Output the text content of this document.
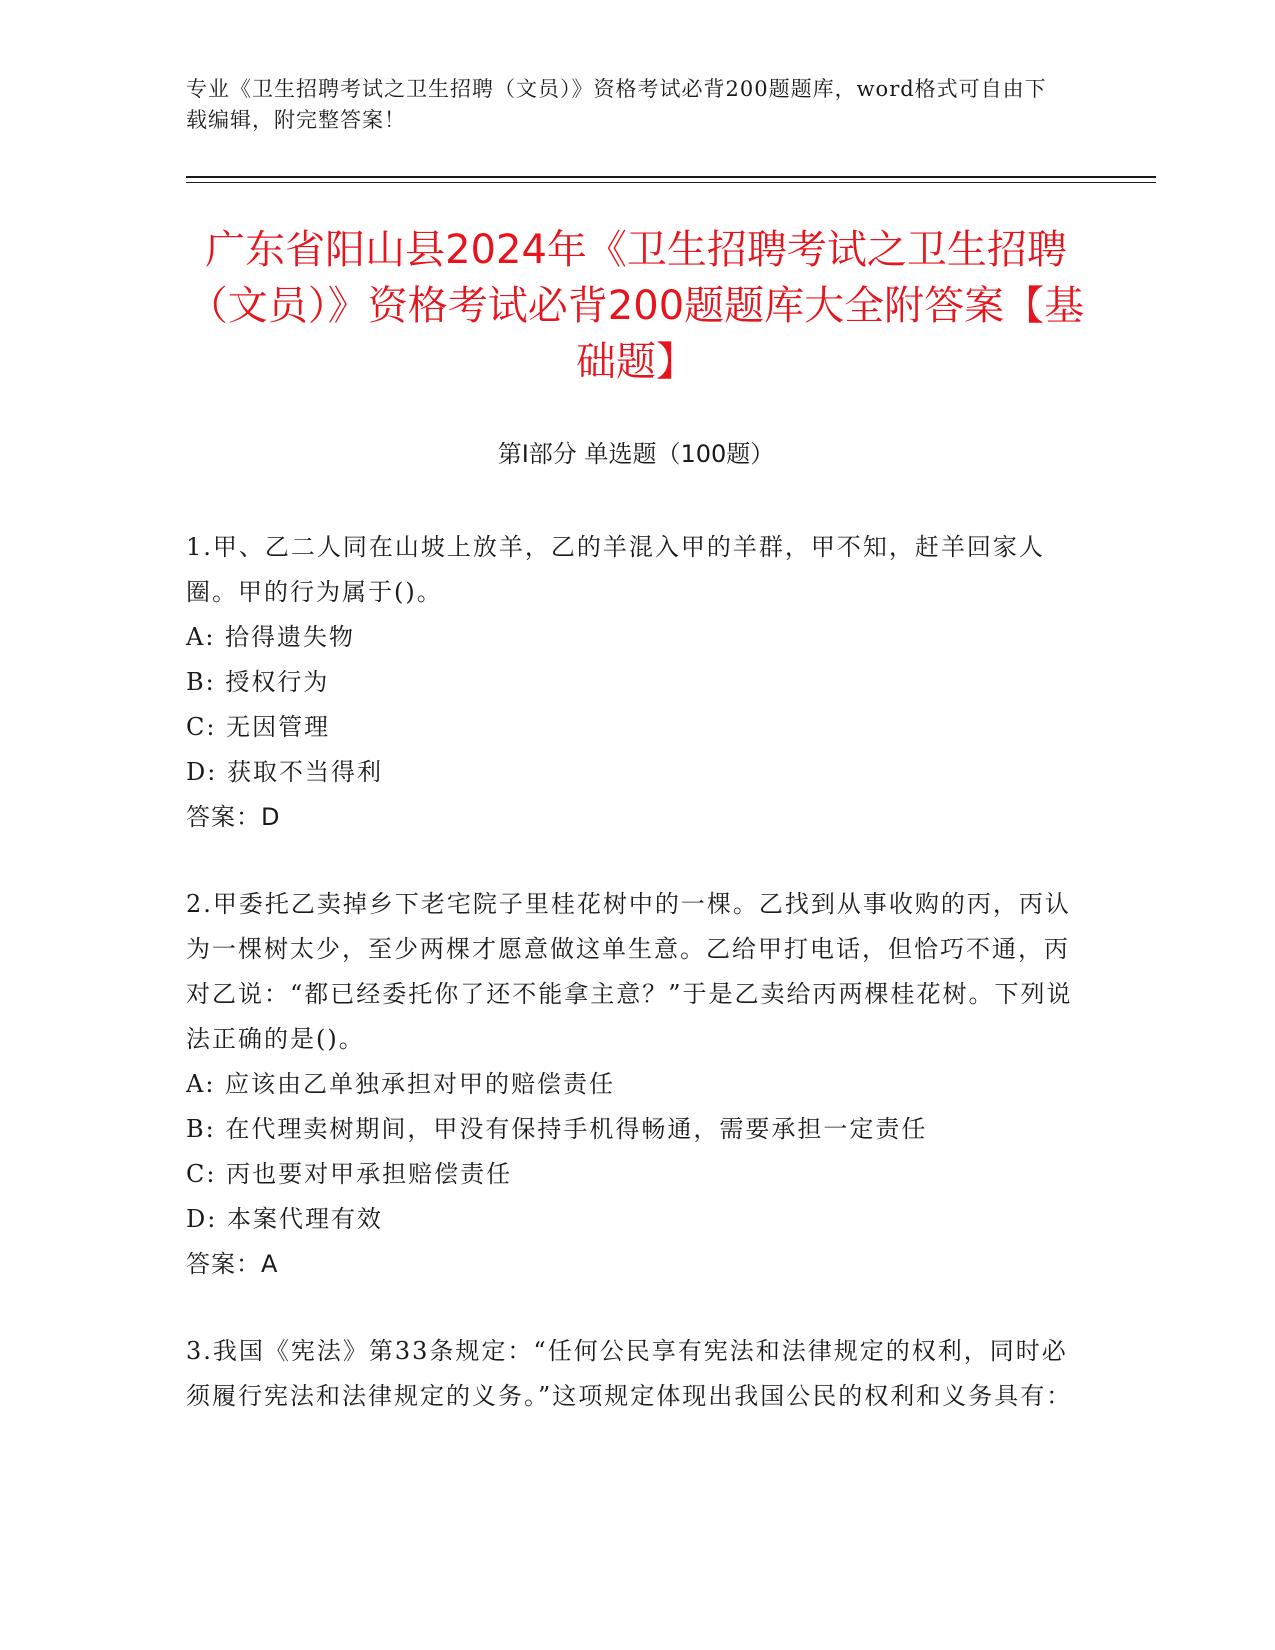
专业《卫生招聘考试之卫生招聘（文员）》资格考试必背200题题库，word格式可自由下载编辑，附完整答案！
广东省阳山县2024年《卫生招聘考试之卫生招聘（文员）》资格考试必背200题题库大全附答案【基础题】
第Ⅰ部分 单选题（100题）
1.甲、乙二人同在山坡上放羊，乙的羊混入甲的羊群，甲不知，赶羊回家人圈。甲的行为属于()。
A: 拾得遗失物
B: 授权行为
C: 无因管理
D: 获取不当得利
答案：D
2.甲委托乙卖掉乡下老宅院子里桂花树中的一棵。乙找到从事收购的丙，丙认为一棵树太少，至少两棵才愿意做这单生意。乙给甲打电话，但恰巧不通，丙对乙说：“都已经委托你了还不能拿主意？”于是乙卖给丙两棵桂花树。下列说法正确的是()。
A: 应该由乙单独承担对甲的赔偿责任
B: 在代理卖树期间，甲没有保持手机得畅通，需要承担一定责任
C: 丙也要对甲承担赔偿责任
D: 本案代理有效
答案：A
3.我国《宪法》第33条规定：“任何公民享有宪法和法律规定的权利，同时必须履行宪法和法律规定的义务。”这项规定体现出我国公民的权利和义务具有：
